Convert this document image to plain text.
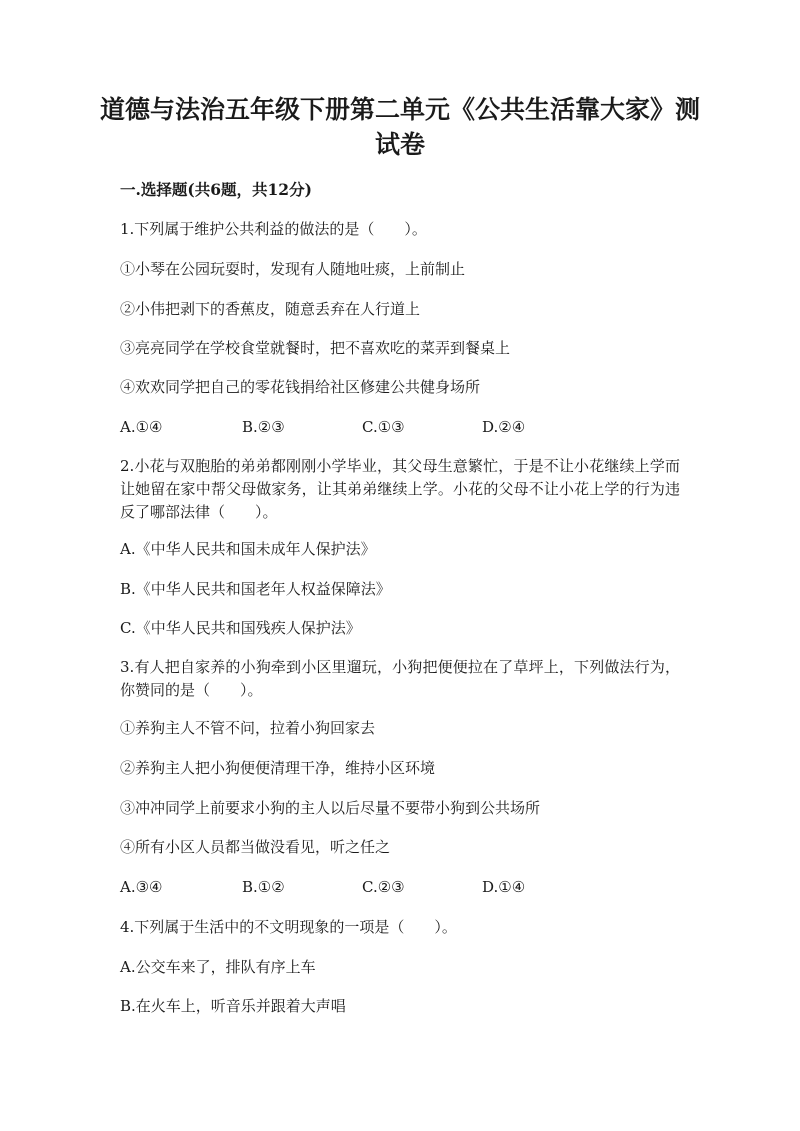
道德与法治五年级下册第二单元《公共生活靠大家》测试卷
一.选择题(共6题，共12分)
1.下列属于维护公共利益的做法的是（　　）。
①小琴在公园玩耍时，发现有人随地吐痰，上前制止
②小伟把剥下的香蕉皮，随意丢弃在人行道上
③亮亮同学在学校食堂就餐时，把不喜欢吃的菜弄到餐桌上
④欢欢同学把自己的零花钱捐给社区修建公共健身场所
A.①④	B.②③	C.①③	D.②④
2.小花与双胞胎的弟弟都刚刚小学毕业，其父母生意繁忙，于是不让小花继续上学而让她留在家中帮父母做家务，让其弟弟继续上学。小花的父母不让小花上学的行为违反了哪部法律（　　）。
A.《中华人民共和国未成年人保护法》
B.《中华人民共和国老年人权益保障法》
C.《中华人民共和国残疾人保护法》
3.有人把自家养的小狗牵到小区里遛玩，小狗把便便拉在了草坪上，下列做法行为，你赞同的是（　　）。
①养狗主人不管不问，拉着小狗回家去
②养狗主人把小狗便便清理干净，维持小区环境
③冲冲同学上前要求小狗的主人以后尽量不要带小狗到公共场所
④所有小区人员都当做没看见，听之任之
A.③④	B.①②	C.②③	D.①④
4.下列属于生活中的不文明现象的一项是（　　）。
A.公交车来了，排队有序上车
B.在火车上，听音乐并跟着大声唱
